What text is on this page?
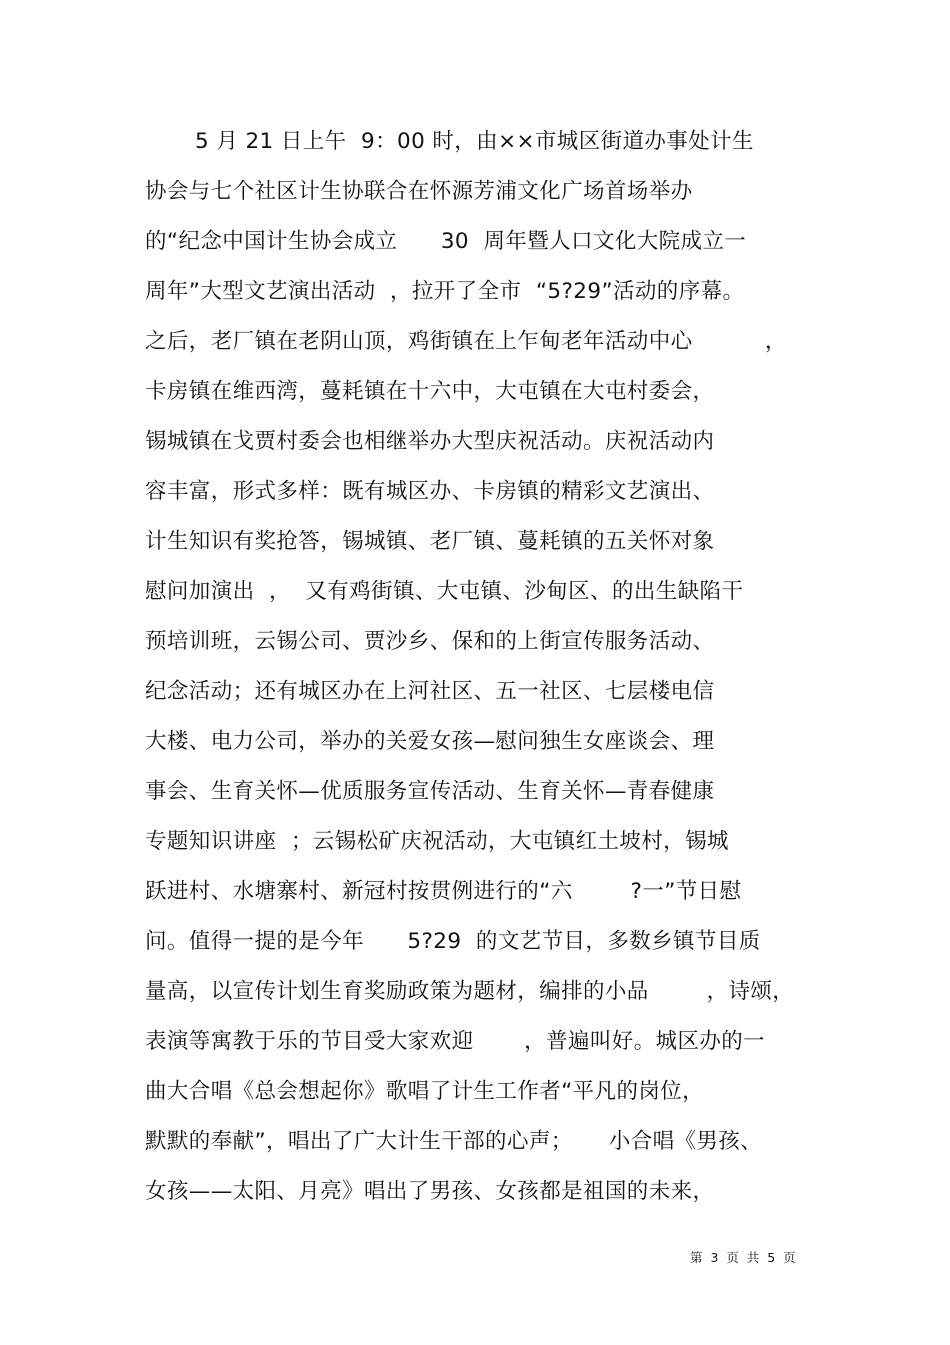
5 月 21 日上午  9：00 时，由××市城区街道办事处计生
协会与七个社区计生协联合在怀源芳浦文化广场首场举办
的“纪念中国计生协会成立      30  周年暨人口文化大院成立一
周年”大型文艺演出活动  ，拉开了全市  “5?29”活动的序幕。
之后，老厂镇在老阴山顶，鸡街镇在上乍甸老年活动中心          ，
卡房镇在维西湾，蔓耗镇在十六中，大屯镇在大屯村委会，
锡城镇在戈贾村委会也相继举办大型庆祝活动。庆祝活动内
容丰富，形式多样：既有城区办、卡房镇的精彩文艺演出、
计生知识有奖抢答，锡城镇、老厂镇、蔓耗镇的五关怀对象
慰问加演出  ，  又有鸡街镇、大屯镇、沙甸区、的出生缺陷干
预培训班，云锡公司、贾沙乡、保和的上街宣传服务活动、
纪念活动；还有城区办在上河社区、五一社区、七层楼电信
大楼、电力公司，举办的关爱女孩—慰问独生女座谈会、理
事会、生育关怀—优质服务宣传活动、生育关怀—青春健康
专题知识讲座  ；云锡松矿庆祝活动，大屯镇红土坡村，锡城
跃进村、水塘寨村、新冠村按贯例进行的“六        ?一”节日慰
问。值得一提的是今年      5?29  的文艺节目，多数乡镇节目质
量高，以宣传计划生育奖励政策为题材，编排的小品        ，诗颂，
表演等寓教于乐的节目受大家欢迎       ，普遍叫好。城区办的一
曲大合唱《总会想起你》歌唱了计生工作者“平凡的岗位，
默默的奉献”，唱出了广大计生干部的心声；     小合唱《男孩、
女孩——太阳、月亮》唱出了男孩、女孩都是祖国的未来，
第  3  页  共  5  页
